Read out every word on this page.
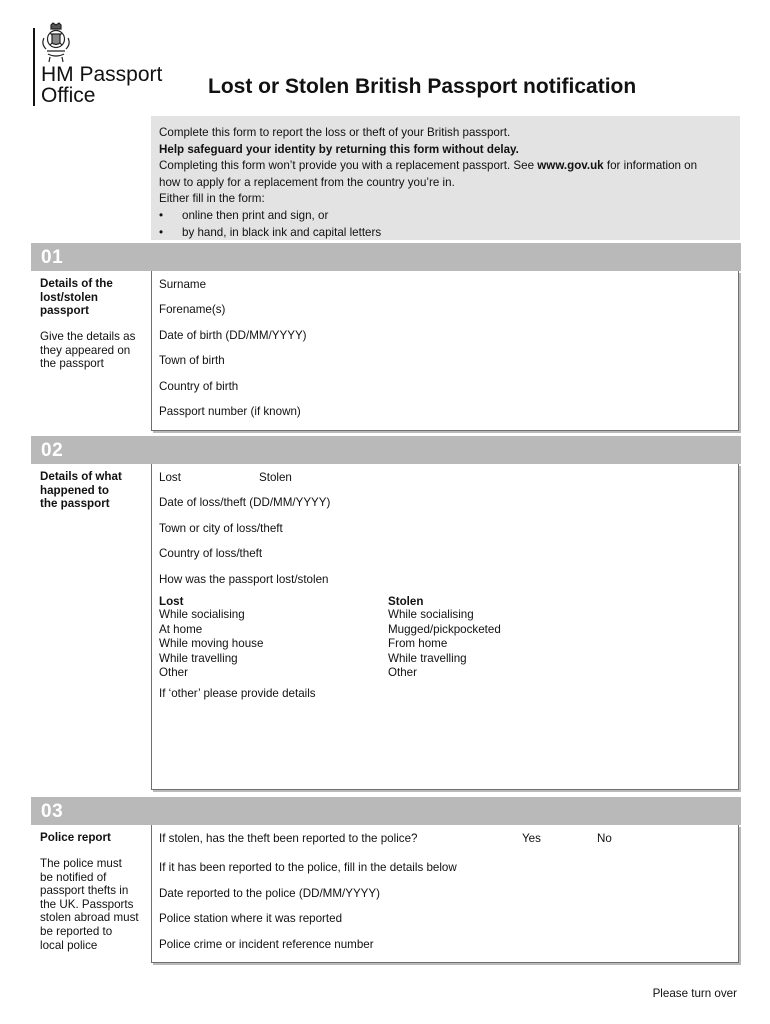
HM Passport
Office	Lost or Stolen British Passport notification
Complete this form to report the loss or theft of your British passport.
Help safeguard your identity by returning this form without delay.
Completing this form won’t provide you with a replacement passport. See www.gov.uk for information on
how to apply for a replacement from the country you’re in.
Either fill in the form:
• online then print and sign, or
• by hand, in black ink and capital letters
01
Details of the
lost/stolen
passport
Give the details as
they appeared on
the passport
Surname
Forename(s)
Date of birth (DD/MM/YYYY)
Town of birth
Country of birth
Passport number (if known)
02
Details of what
happened to
the passport
Lost	Stolen
Date of loss/theft (DD/MM/YYYY)
Town or city of loss/theft
Country of loss/theft
How was the passport lost/stolen
Lost
While socialising
At home
While moving house
While travelling
Other
Stolen
While socialising
Mugged/pickpocketed
From home
While travelling
Other
If ‘other’ please provide details
03
Police report
The police must
be notified of
passport thefts in
the UK. Passports
stolen abroad must
be reported to
local police
If stolen, has the theft been reported to the police?	Yes	No
If it has been reported to the police, fill in the details below
Date reported to the police (DD/MM/YYYY)
Police station where it was reported
Police crime or incident reference number
Please turn over
